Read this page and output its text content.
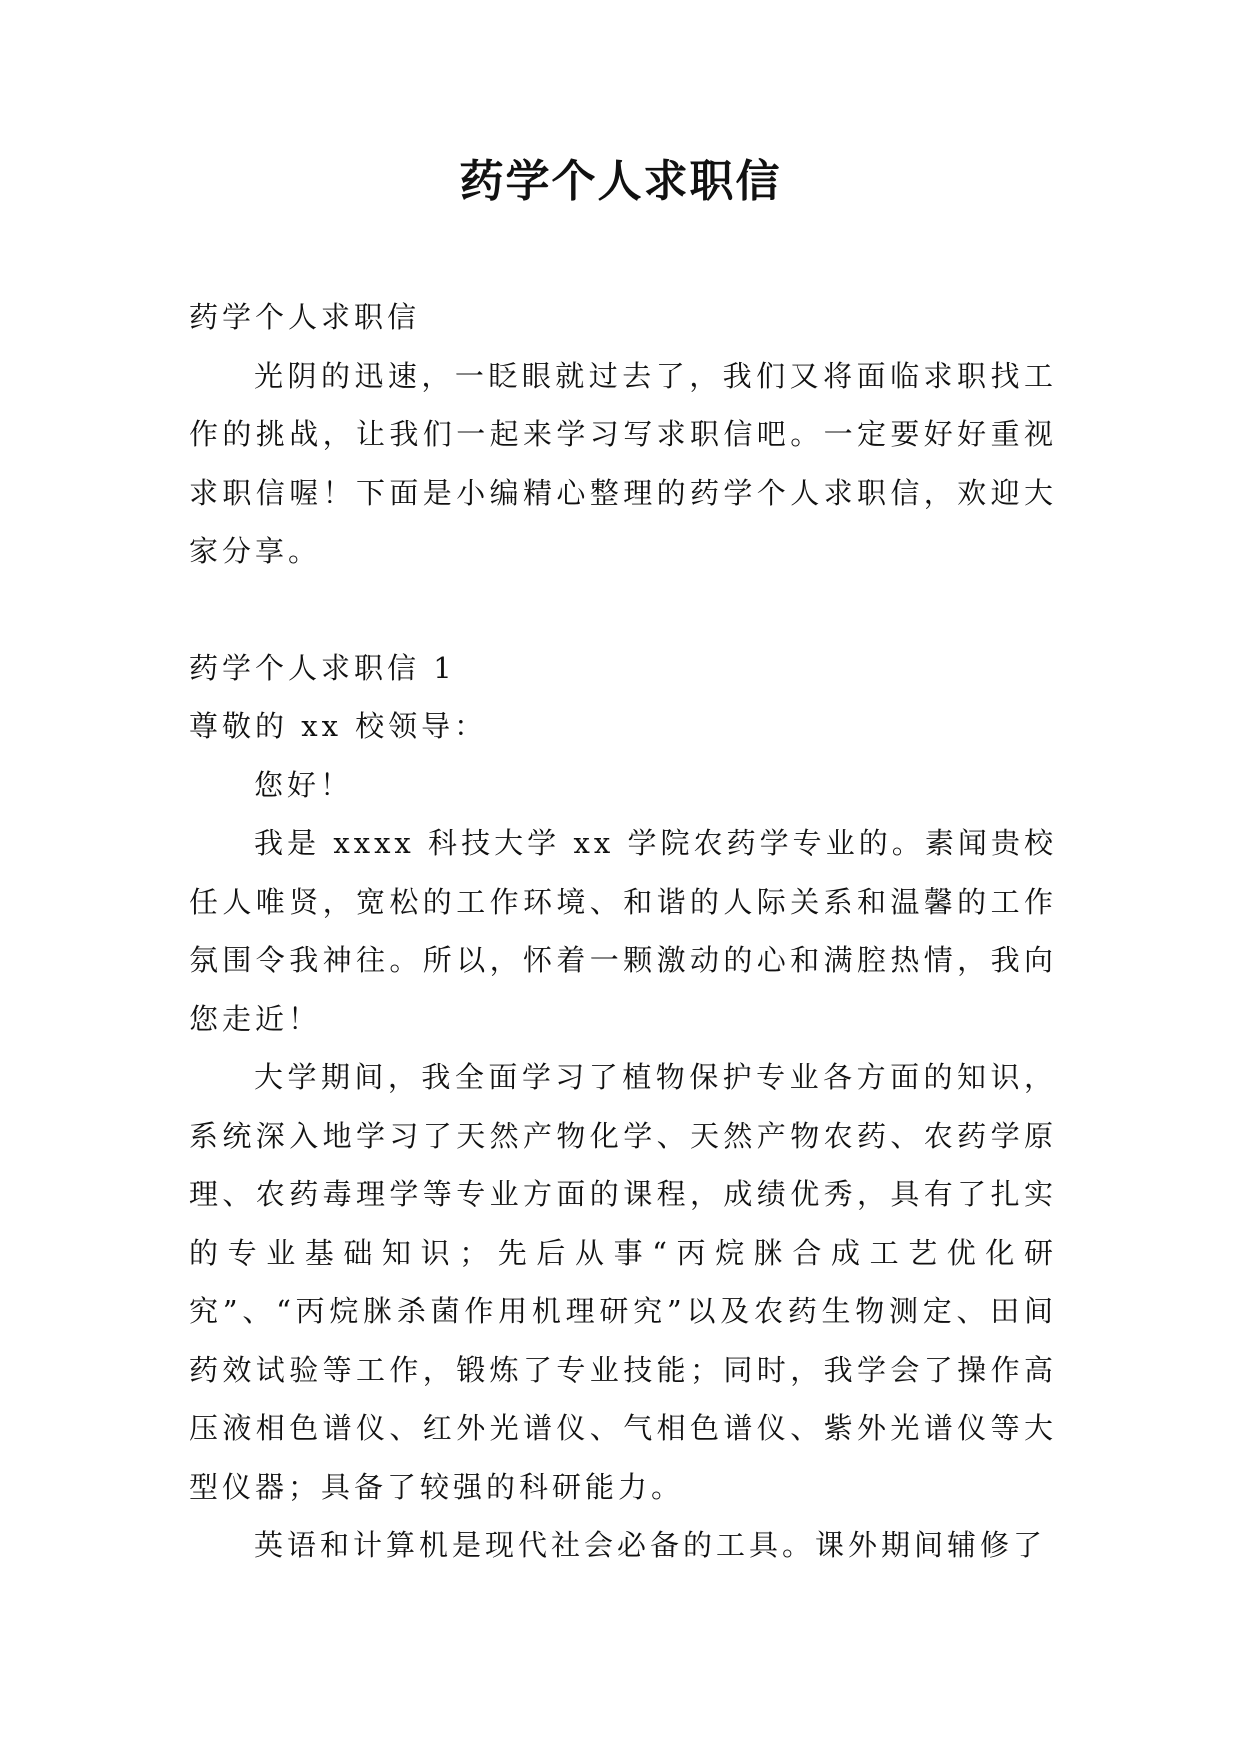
药学个人求职信

药学个人求职信

光阴的迅速，一眨眼就过去了，我们又将面临求职找工作的挑战，让我们一起来学习写求职信吧。一定要好好重视求职信喔！下面是小编精心整理的药学个人求职信，欢迎大家分享。

药学个人求职信 1

尊敬的 xx 校领导：

您好！

我是 xxxx 科技大学 xx 学院农药学专业的。素闻贵校任人唯贤，宽松的工作环境、和谐的人际关系和温馨的工作氛围令我神往。所以，怀着一颗激动的心和满腔热情，我向您走近！

大学期间，我全面学习了植物保护专业各方面的知识，系统深入地学习了天然产物化学、天然产物农药、农药学原理、农药毒理学等专业方面的课程，成绩优秀，具有了扎实的专业基础知识；先后从事“丙烷脒合成工艺优化研究”、“丙烷脒杀菌作用机理研究”以及农药生物测定、田间药效试验等工作，锻炼了专业技能；同时，我学会了操作高压液相色谱仪、红外光谱仪、气相色谱仪、紫外光谱仪等大型仪器；具备了较强的科研能力。

英语和计算机是现代社会必备的工具。课外期间辅修了
